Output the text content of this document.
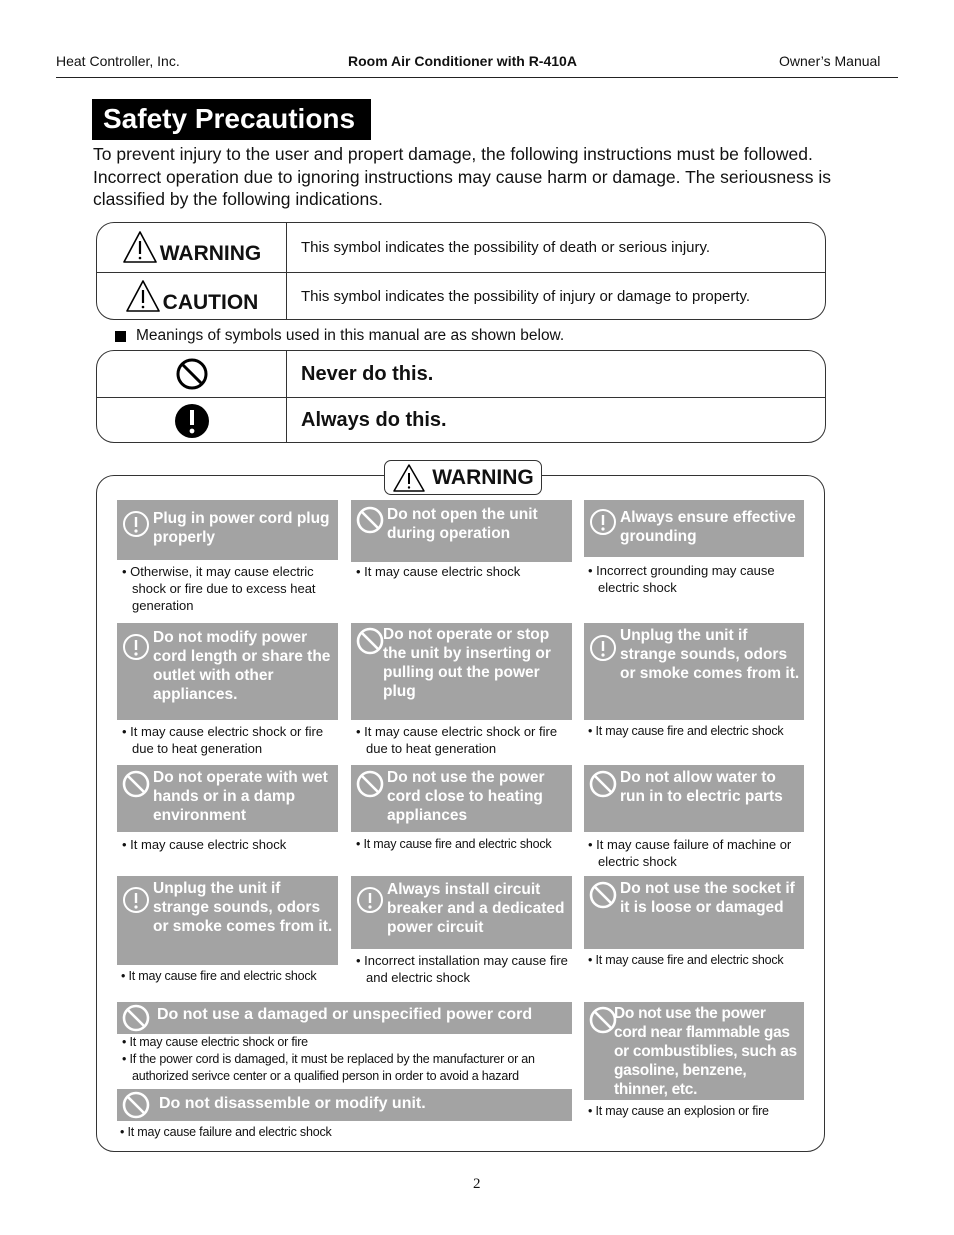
Heat Controller, Inc.	Room Air Conditioner with R-410A	Owner’s Manual
Safety Precautions
To prevent injury to the user and propert damage, the following instructions must be followed. Incorrect operation due to ignoring instructions may cause harm or damage. The seriousness is classified by the following indications.
WARNING	This symbol indicates the possibility of death or serious injury.
CAUTION	This symbol indicates the possibility of injury or damage to property.
Meanings of symbols used in this manual are as shown below.
Never do this.
Always do this.
WARNING
Plug in power cord plug properly

• Otherwise, it may cause electric shock or fire due to excess heat generation

Do not open the unit during operation

• It may cause electric shock

Always ensure effective grounding

• Incorrect grounding may cause electric shock

Do not modify power cord length or share the outlet with other appliances.

• It may cause electric shock or fire due to heat generation

Do not operate or stop the unit by inserting or pulling out the power plug

• It may cause electric shock or fire due to heat generation

Unplug the unit if strange sounds, odors or smoke comes from it.

• It may cause fire and electric shock

Do not operate with wet hands or in a damp environment

• It may cause electric shock

Do not use the power cord close to heating appliances

• It may cause fire and electric shock

Do not allow water to run in to electric parts

• It may cause failure of machine or electric shock

Unplug the unit if strange sounds, odors or smoke comes from it.

• It may cause fire and electric shock

Always install circuit breaker and a dedicated power circuit

• Incorrect installation may cause fire and electric shock

Do not use the socket if it is loose or damaged

• It may cause fire and electric shock

Do not use a damaged or unspecified power cord

• It may cause electric shock or fire

• If the power cord is damaged, it must be replaced by the manufacturer or an authorized serivce center or a qualified person in order to avoid a hazard

Do not use the power cord near flammable gas or combustiblies, such as gasoline, benzene, thinner, etc.

• It may cause an explosion or fire

Do not disassemble or modify unit.

• It may cause failure and electric shock

2
